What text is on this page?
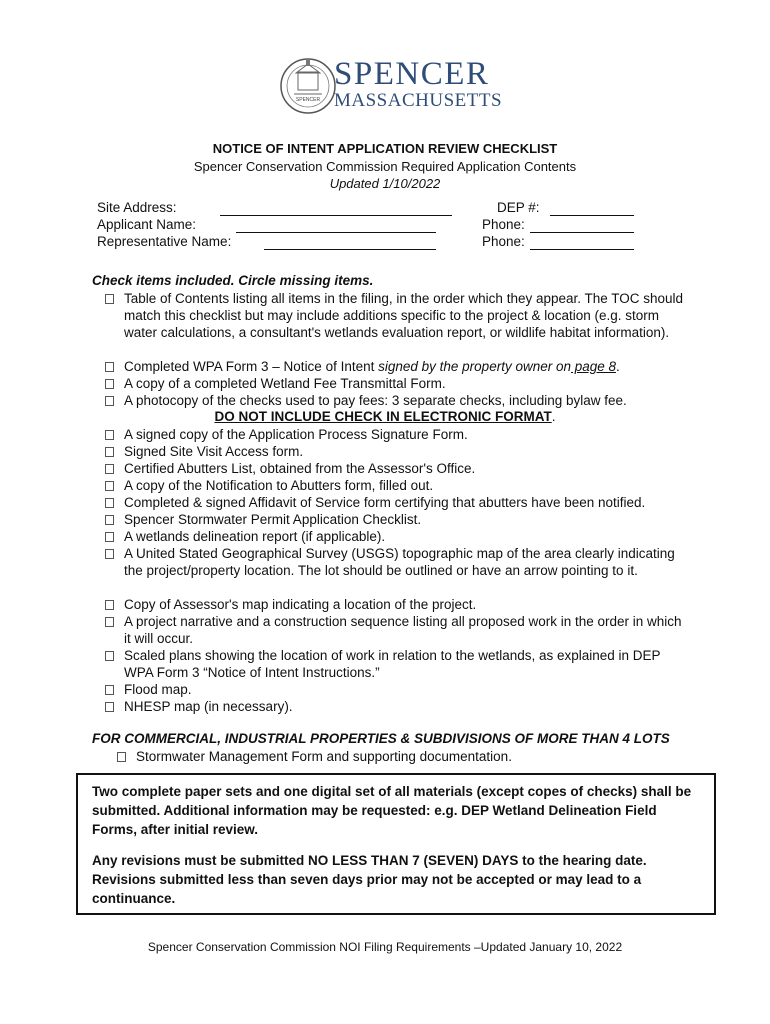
SPENCER
SPENCER
MASSACHUSETTS
NOTICE OF INTENT APPLICATION REVIEW CHECKLIST
Spencer Conservation Commission Required Application Contents
Updated 1/10/2022
Site Address:
Applicant Name:
Representative Name:
DEP #:
Phone:
Phone:
Check items included. Circle missing items.
Table of Contents listing all items in the filing, in the order which they appear. The TOC should match this checklist but may include additions specific to the project & location (e.g. storm water calculations, a consultant's wetlands evaluation report, or wildlife habitat information).
Completed WPA Form 3 – Notice of Intent signed by the property owner on page 8.
A copy of a completed Wetland Fee Transmittal Form.
A photocopy of the checks used to pay fees: 3 separate checks, including bylaw fee.
DO NOT INCLUDE CHECK IN ELECTRONIC FORMAT.
A signed copy of the Application Process Signature Form.
Signed Site Visit Access form.
Certified Abutters List, obtained from the Assessor's Office.
A copy of the Notification to Abutters form, filled out.
Completed & signed Affidavit of Service form certifying that abutters have been notified.
Spencer Stormwater Permit Application Checklist.
A wetlands delineation report (if applicable).
A United Stated Geographical Survey (USGS) topographic map of the area clearly indicating the project/property location. The lot should be outlined or have an arrow pointing to it.
Copy of Assessor's map indicating a location of the project.
A project narrative and a construction sequence listing all proposed work in the order in which it will occur.
Scaled plans showing the location of work in relation to the wetlands, as explained in DEP WPA Form 3 “Notice of Intent Instructions.”
Flood map.
NHESP map (in necessary).
FOR COMMERCIAL, INDUSTRIAL PROPERTIES & SUBDIVISIONS OF MORE THAN 4 LOTS
Stormwater Management Form and supporting documentation.

Two complete paper sets and one digital set of all materials (except copes of checks) shall be submitted. Additional information may be requested: e.g. DEP Wetland Delineation Field Forms, after initial review.

Any revisions must be submitted NO LESS THAN 7 (SEVEN) DAYS to the hearing date. Revisions submitted less than seven days prior may not be accepted or may lead to a continuance.

Spencer Conservation Commission NOI Filing Requirements –Updated January 10, 2022
